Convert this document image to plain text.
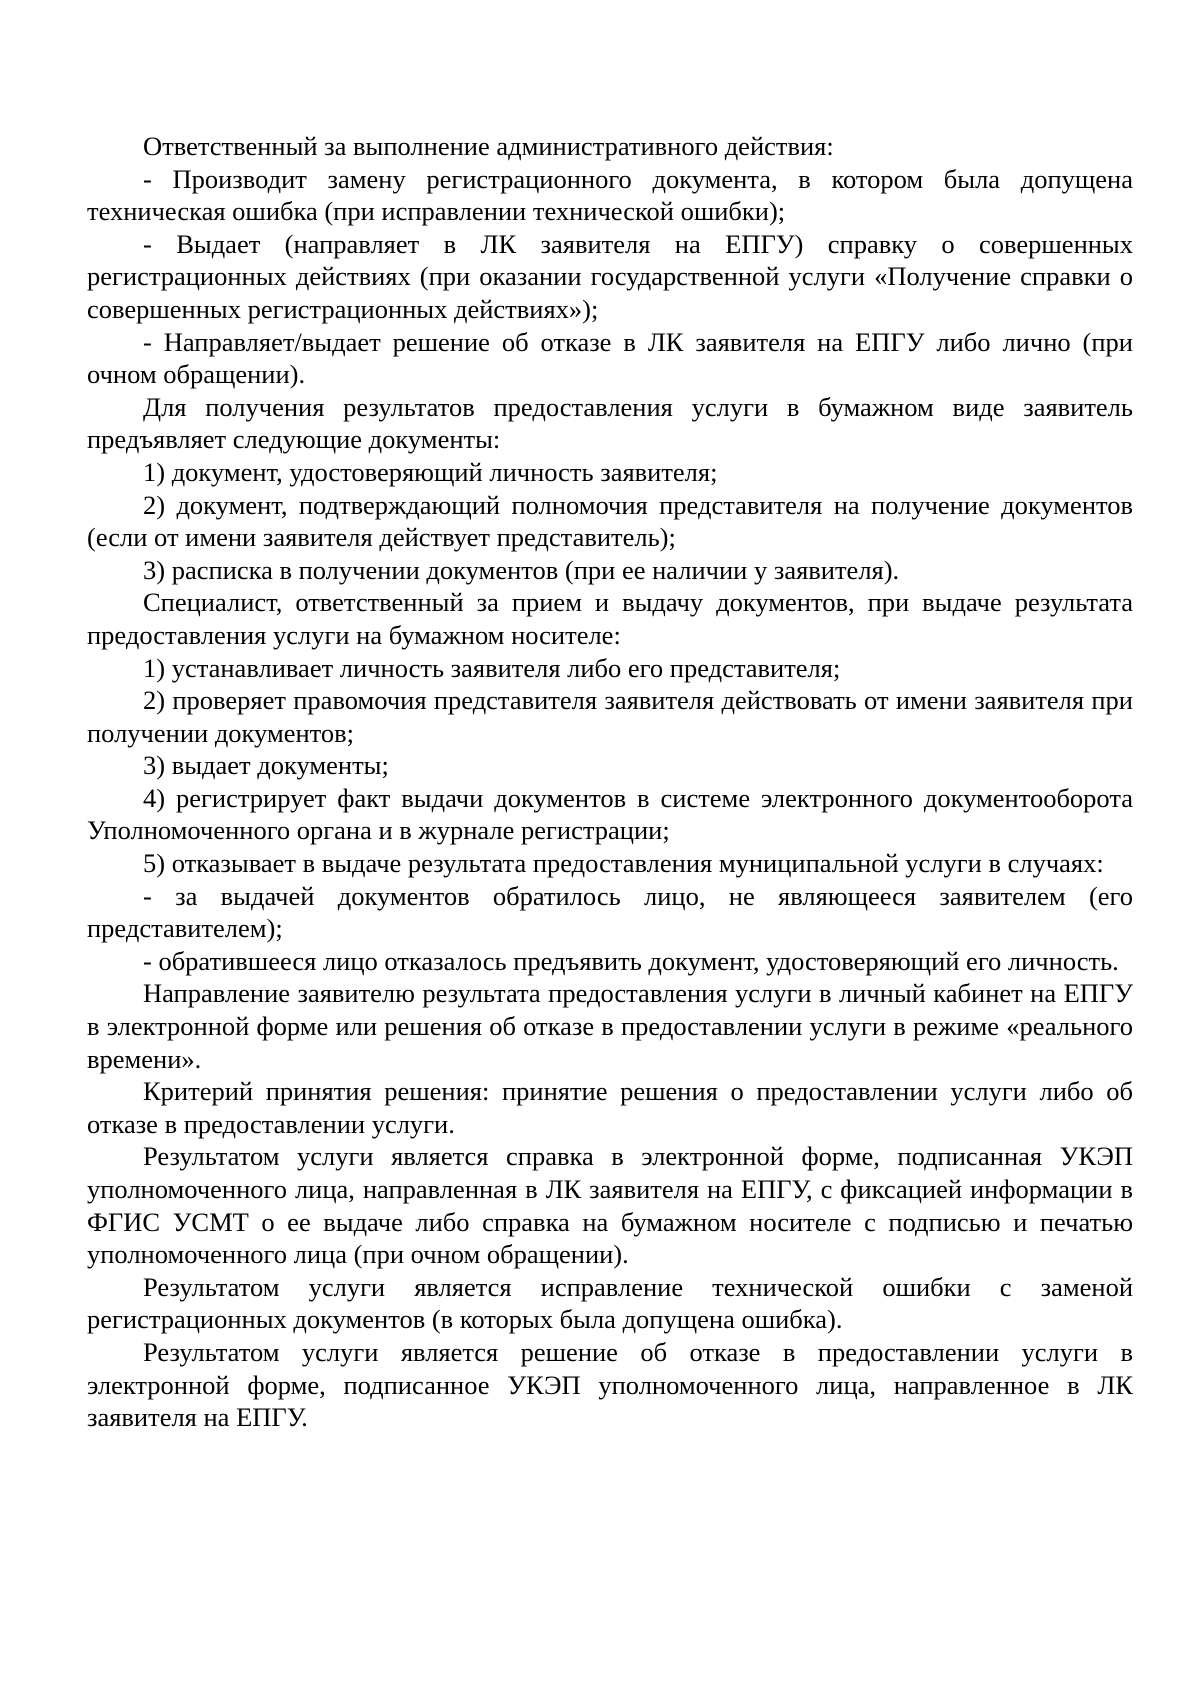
Ответственный за выполнение административного действия:

- Производит замену регистрационного документа, в котором была допущена техническая ошибка (при исправлении технической ошибки);

- Выдает (направляет в ЛК заявителя на ЕПГУ) справку о совершенных регистрационных действиях (при оказании государственной услуги «Получение справки о совершенных регистрационных действиях»);

- Направляет/выдает решение об отказе в ЛК заявителя на ЕПГУ либо лично (при очном обращении).

Для получения результатов предоставления услуги в бумажном виде заявитель предъявляет следующие документы:

1) документ, удостоверяющий личность заявителя;

2) документ, подтверждающий полномочия представителя на получение документов (если от имени заявителя действует представитель);

3) расписка в получении документов (при ее наличии у заявителя).

Специалист, ответственный за прием и выдачу документов, при выдаче результата предоставления услуги на бумажном носителе:

1) устанавливает личность заявителя либо его представителя;

2) проверяет правомочия представителя заявителя действовать от имени заявителя при получении документов;

3) выдает документы;

4) регистрирует факт выдачи документов в системе электронного документооборота Уполномоченного органа и в журнале регистрации;

5) отказывает в выдаче результата предоставления муниципальной услуги в случаях:

- за выдачей документов обратилось лицо, не являющееся заявителем (его представителем);

- обратившееся лицо отказалось предъявить документ, удостоверяющий его личность.

Направление заявителю результата предоставления услуги в личный кабинет на ЕПГУ в электронной форме или решения об отказе в предоставлении услуги в режиме «реального времени».

Критерий принятия решения: принятие решения о предоставлении услуги либо об отказе в предоставлении услуги.

Результатом услуги является справка в электронной форме, подписанная УКЭП уполномоченного лица, направленная в ЛК заявителя на ЕПГУ, с фиксацией информации в ФГИС УСМТ о ее выдаче либо справка на бумажном носителе с подписью и печатью уполномоченного лица (при очном обращении).

Результатом услуги является исправление технической ошибки с заменой регистрационных документов (в которых была допущена ошибка).

Результатом услуги является решение об отказе в предоставлении услуги в электронной форме, подписанное УКЭП уполномоченного лица, направленное в ЛК заявителя на ЕПГУ.
